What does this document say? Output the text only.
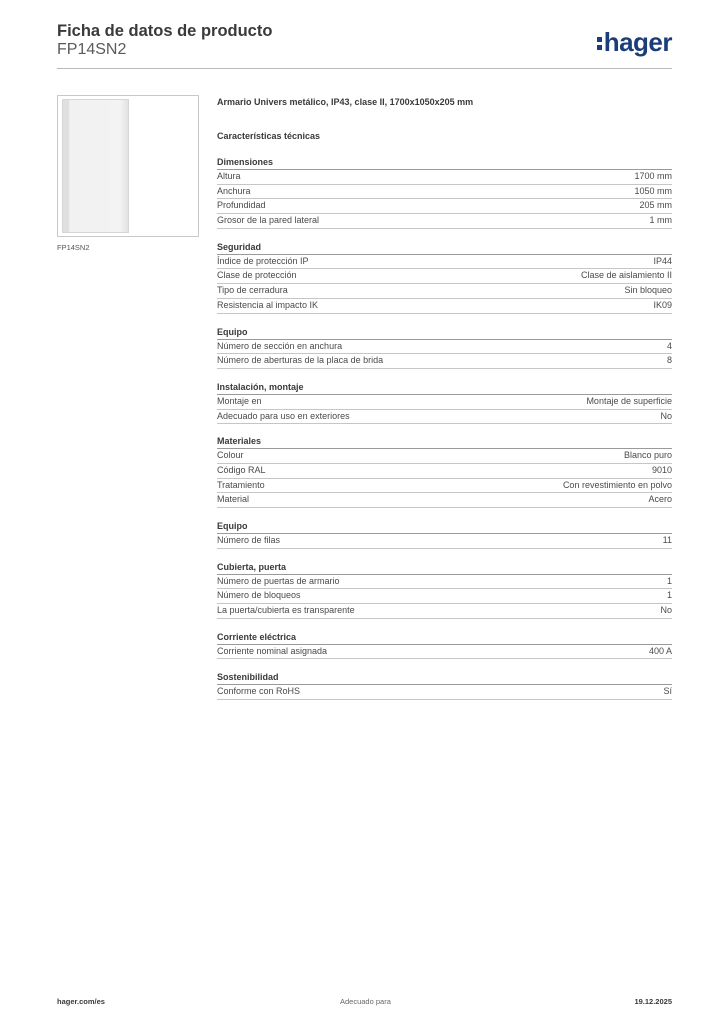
Ficha de datos de producto
FP14SN2	hager
FP14SN2

Armario Univers metálico, IP43, clase II, 1700x1050x205 mm

Características técnicas
Dimensiones
Altura	1700 mm
Anchura	1050 mm
Profundidad	205 mm
Grosor de la pared lateral	1 mm
Seguridad
Índice de protección IP	IP44
Clase de protección	Clase de aislamiento II
Tipo de cerradura	Sin bloqueo
Resistencia al impacto IK	IK09
Equipo
Número de sección en anchura	4
Número de aberturas de la placa de brida	8
Instalación, montaje
Montaje en	Montaje de superficie
Adecuado para uso en exteriores	No
Materiales
Colour	Blanco puro
Código RAL	9010
Tratamiento	Con revestimiento en polvo
Material	Acero
Equipo
Número de filas	11
Cubierta, puerta
Número de puertas de armario	1
Número de bloqueos	1
La puerta/cubierta es transparente	No
Corriente eléctrica
Corriente nominal asignada	400 A
Sostenibilidad
Conforme con RoHS	Sí
hager.com/es	Adecuado para	19.12.2025
